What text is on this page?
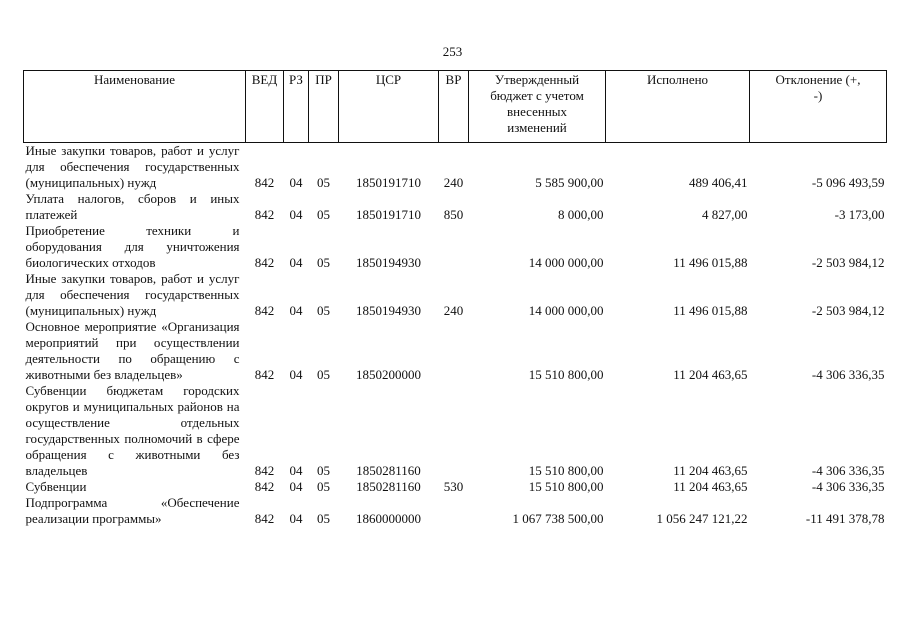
253
Наименование	ВЕД	РЗ	ПР	ЦСР	ВР	Утвержденный бюджет с учетом внесенных изменений	Исполнено	Отклонение (+, -)
Иные закупки товаров, работ и услуг для обеспечения государственных (муниципальных) нужд	842	04	05	1850191710	240	5 585 900,00	489 406,41	-5 096 493,59
Уплата налогов, сборов и иных платежей	842	04	05	1850191710	850	8 000,00	4 827,00	-3 173,00
Приобретение техники и оборудования для уничтожения биологических отходов	842	04	05	1850194930		14 000 000,00	11 496 015,88	-2 503 984,12
Иные закупки товаров, работ и услуг для обеспечения государственных (муниципальных) нужд	842	04	05	1850194930	240	14 000 000,00	11 496 015,88	-2 503 984,12
Основное мероприятие «Организация мероприятий при осуществлении деятельности по обращению с животными без владельцев»	842	04	05	1850200000		15 510 800,00	11 204 463,65	-4 306 336,35
Субвенции бюджетам городских округов и муниципальных районов на осуществление отдельных государственных полномочий в сфере обращения с животными без владельцев	842	04	05	1850281160		15 510 800,00	11 204 463,65	-4 306 336,35
Субвенции	842	04	05	1850281160	530	15 510 800,00	11 204 463,65	-4 306 336,35
Подпрограмма «Обеспечение реализации программы»	842	04	05	1860000000		1 067 738 500,00	1 056 247 121,22	-11 491 378,78
